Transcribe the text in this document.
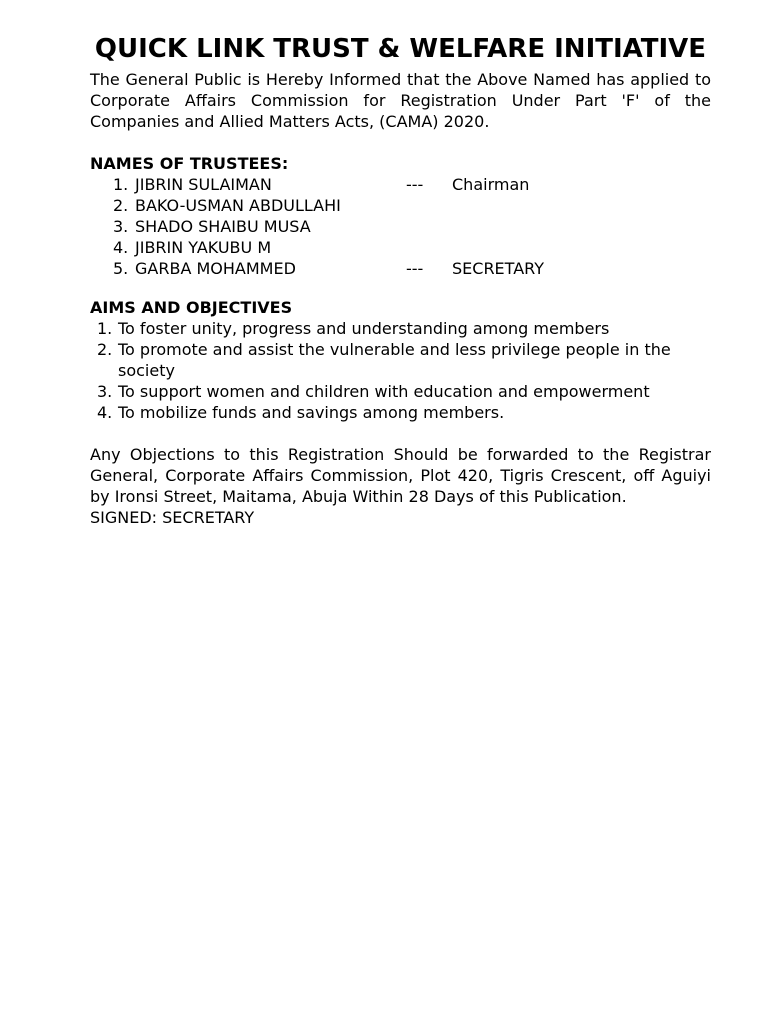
QUICK LINK TRUST & WELFARE INITIATIVE

The General Public is Hereby Informed that the Above Named has applied to Corporate Affairs Commission for Registration Under Part 'F' of the Companies and Allied Matters Acts, (CAMA) 2020.

NAMES OF TRUSTEES:

1. JIBRIN SULAIMAN	--- Chairman
2. BAKO-USMAN ABDULLAHI
3. SHADO SHAIBU MUSA
4. JIBRIN YAKUBU M
5. GARBA MOHAMMED	--- SECRETARY

AIMS AND OBJECTIVES

1. To foster unity, progress and understanding among members
2. To promote and assist the vulnerable and less privilege people in the society
3. To support women and children with education and empowerment
4. To mobilize funds and savings among members.

Any Objections to this Registration Should be forwarded to the Registrar General, Corporate Affairs Commission, Plot 420, Tigris Crescent, off Aguiyi by Ironsi Street, Maitama, Abuja Within 28 Days of this Publication.

SIGNED: SECRETARY
